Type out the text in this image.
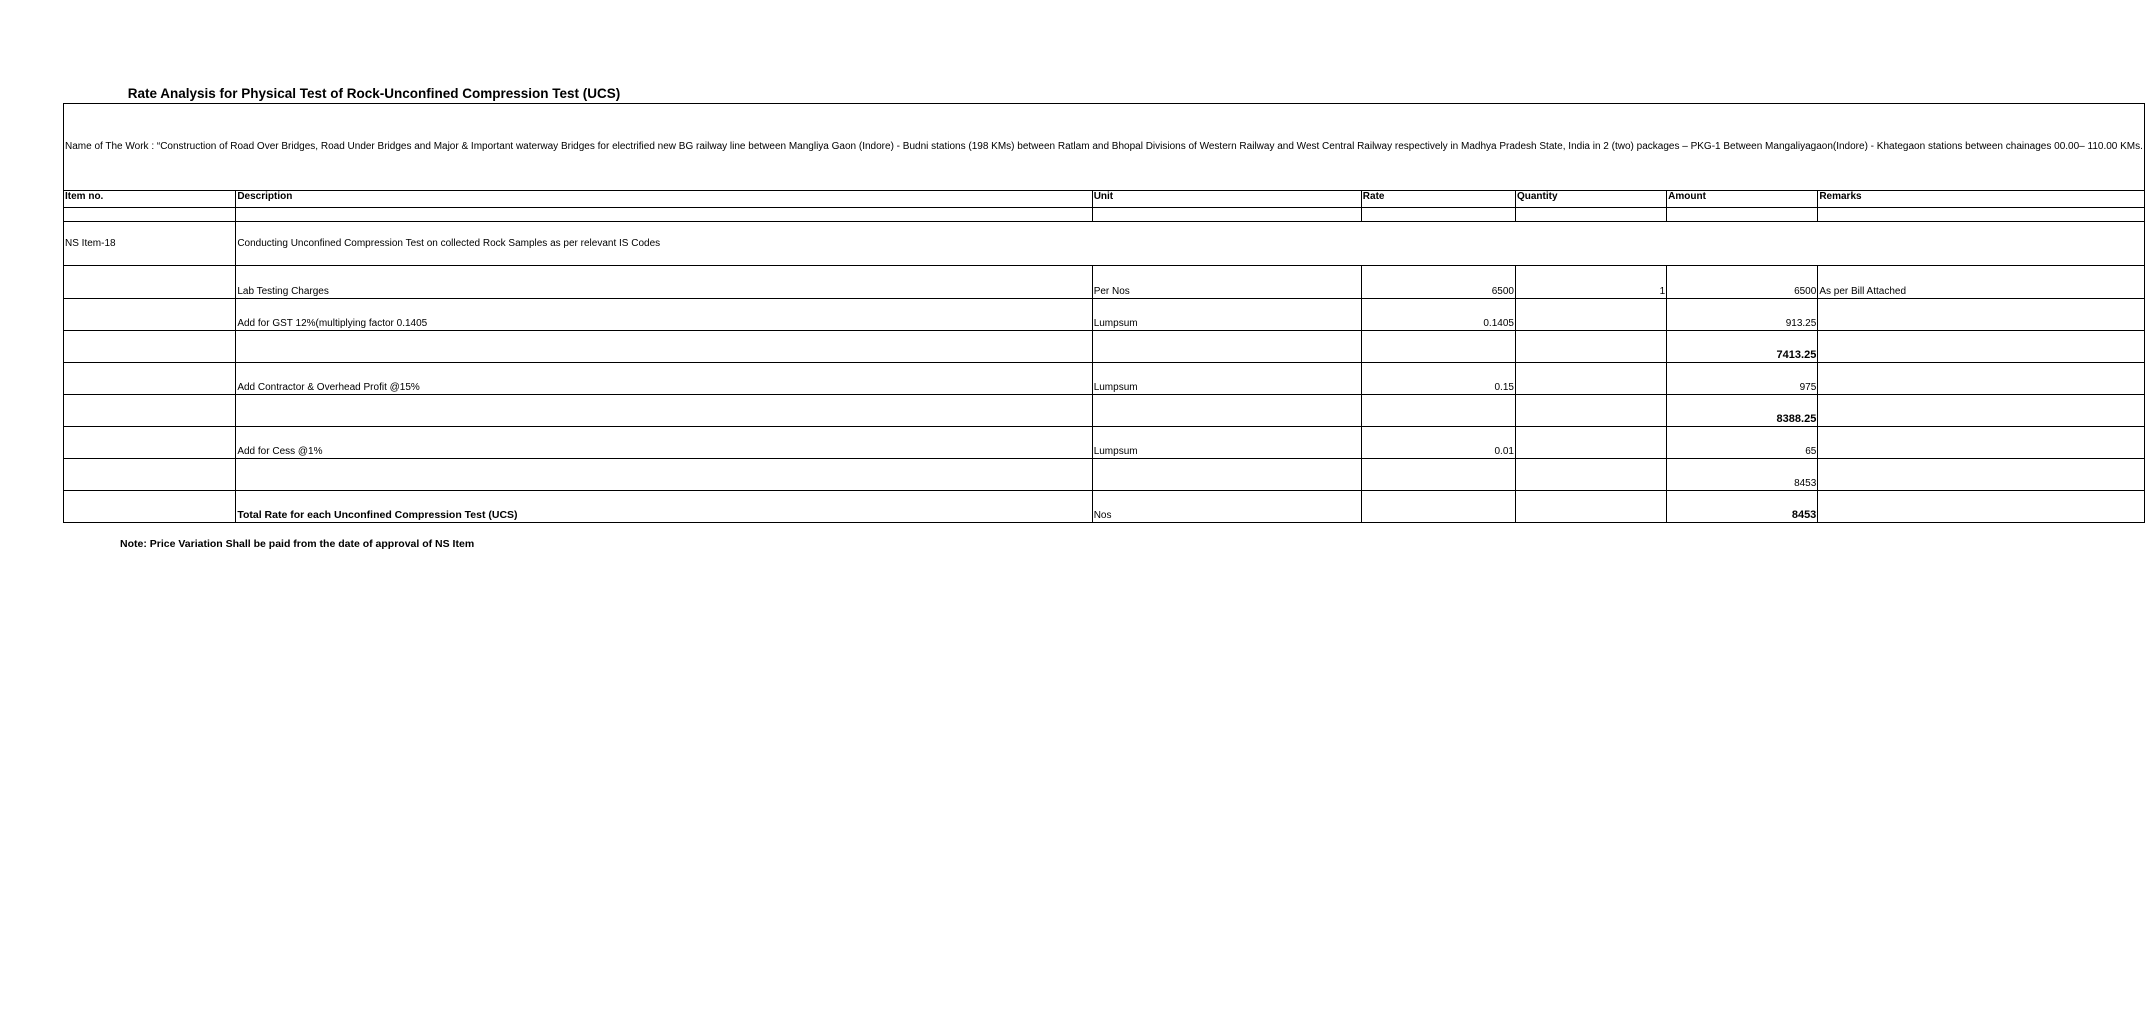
Rate Analysis for Physical Test of Rock-Unconfined Compression Test (UCS)
Name of The Work : “Construction of Road Over Bridges, Road Under Bridges and Major & Important waterway Bridges for electrified new BG railway line between Mangliya Gaon (Indore) - Budni stations (198 KMs) between Ratlam and Bhopal Divisions of Western Railway and West Central Railway respectively in Madhya Pradesh State, India in 2 (two) packages – PKG-1 Between Mangaliyagaon(Indore) - Khategaon stations between chainages 00.00– 110.00 KMs.						
Item no.	Description	Unit	Rate	Quantity	Amount	Remarks

NS Item-18	Conducting Unconfined Compression Test on collected Rock Samples as per relevant IS Codes					
	Lab Testing Charges	Per Nos	6500	1	6500	As per Bill Attached
	Add for GST 12%(multiplying factor 0.1405	Lumpsum	0.1405		913.25	
					7413.25	
	Add Contractor & Overhead Profit @15%	Lumpsum	0.15		975	
					8388.25	
	Add for Cess @1%	Lumpsum	0.01		65	
					8453	
	Total Rate for each Unconfined Compression Test (UCS)	Nos			8453	
Note: Price Variation Shall be paid from the date of approval of NS Item
